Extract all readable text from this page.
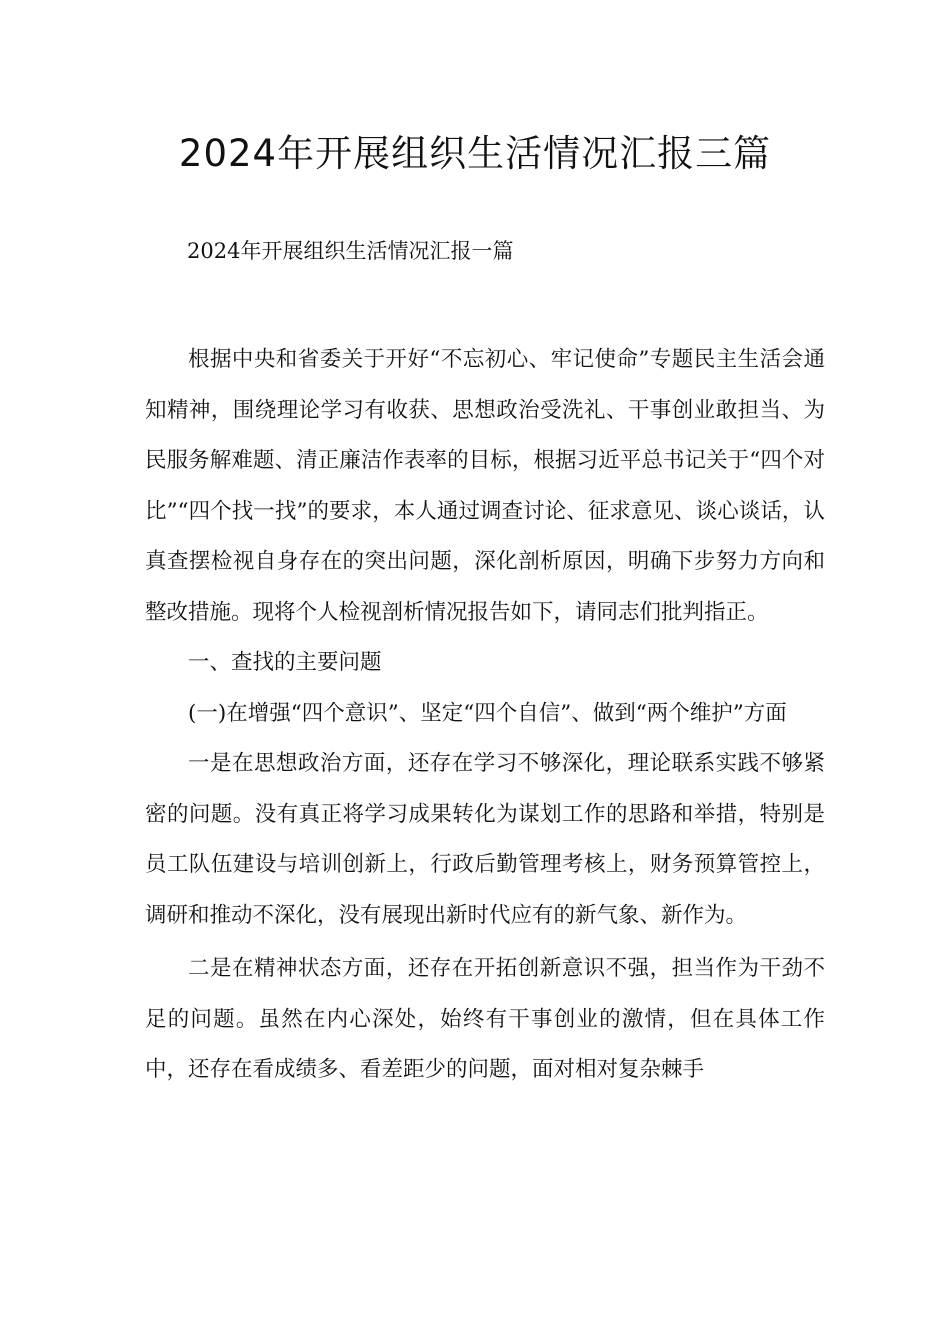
2024年开展组织生活情况汇报三篇
2024年开展组织生活情况汇报一篇

根据中央和省委关于开好“不忘初心、牢记使命”专题民主生活会通知精神，围绕理论学习有收获、思想政治受洗礼、干事创业敢担当、为民服务解难题、清正廉洁作表率的目标，根据习近平总书记关于“四个对比”“四个找一找”的要求，本人通过调查讨论、征求意见、谈心谈话，认真查摆检视自身存在的突出问题，深化剖析原因，明确下步努力方向和整改措施。现将个人检视剖析情况报告如下，请同志们批判指正。

一、查找的主要问题

(一)在增强“四个意识”、坚定“四个自信”、做到“两个维护”方面

一是在思想政治方面，还存在学习不够深化，理论联系实践不够紧密的问题。没有真正将学习成果转化为谋划工作的思路和举措，特别是员工队伍建设与培训创新上，行政后勤管理考核上，财务预算管控上，调研和推动不深化，没有展现出新时代应有的新气象、新作为。

二是在精神状态方面，还存在开拓创新意识不强，担当作为干劲不足的问题。虽然在内心深处，始终有干事创业的激情，但在具体工作中，还存在看成绩多、看差距少的问题，面对相对复杂棘手
